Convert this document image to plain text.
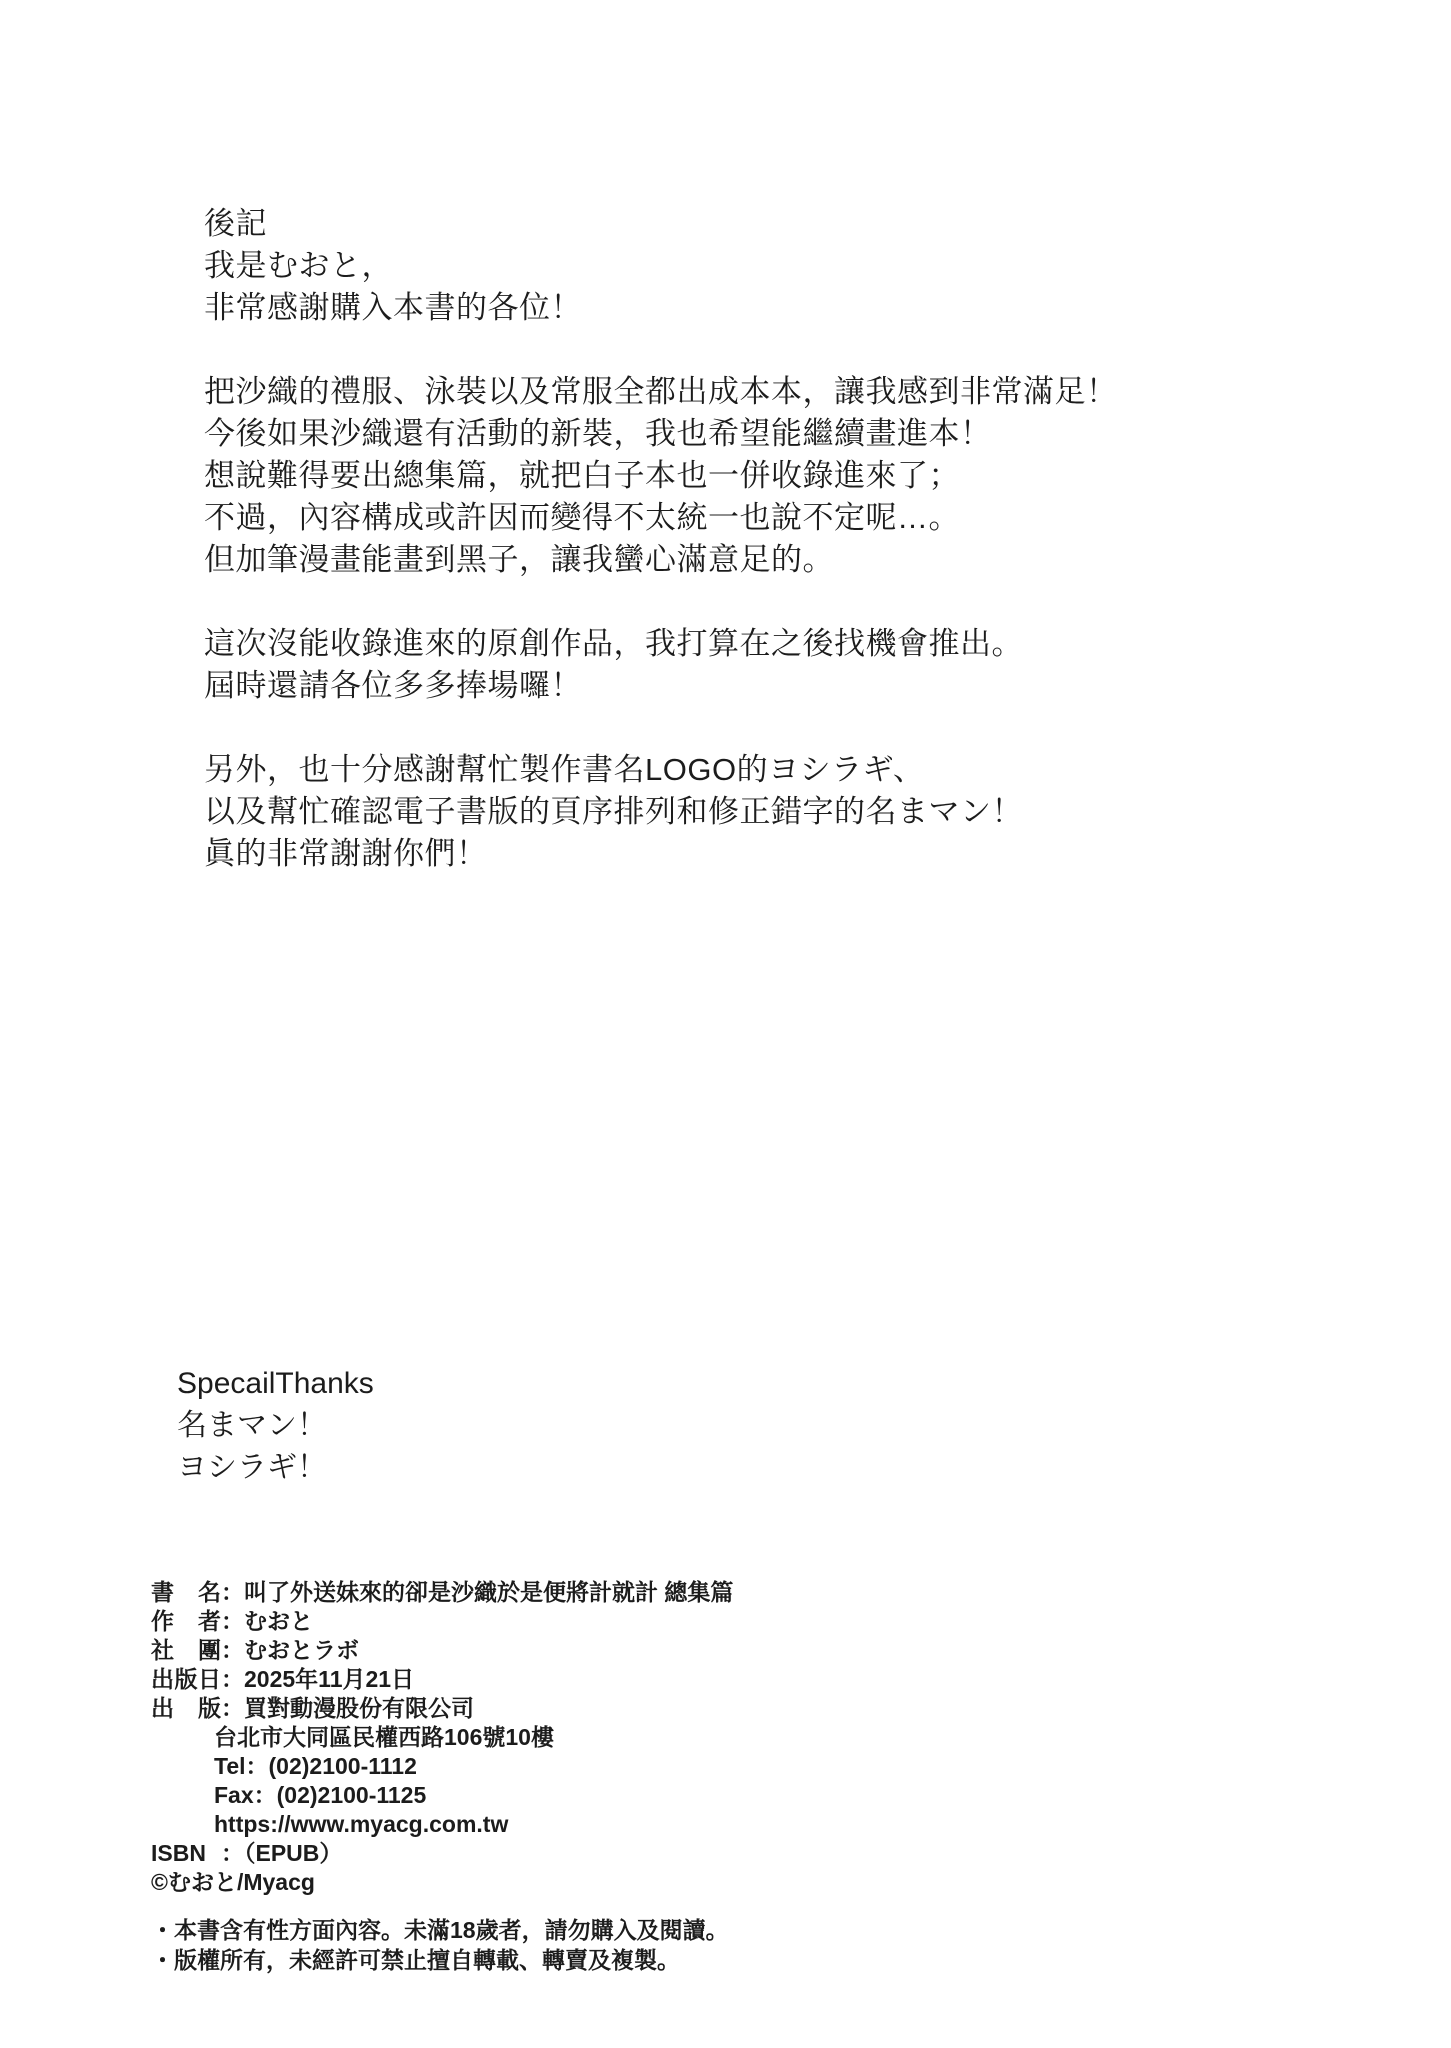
後記
我是むおと，
非常感謝購入本書的各位！
把沙織的禮服、泳裝以及常服全都出成本本，讓我感到非常滿足！
今後如果沙織還有活動的新裝，我也希望能繼續畫進本！
想說難得要出總集篇，就把白子本也一併收錄進來了；
不過，內容構成或許因而變得不太統一也說不定呢…。
但加筆漫畫能畫到黑子，讓我蠻心滿意足的。
這次沒能收錄進來的原創作品，我打算在之後找機會推出。
屆時還請各位多多捧場囉！
另外，也十分感謝幫忙製作書名LOGO的ヨシラギ、
以及幫忙確認電子書版的頁序排列和修正錯字的名まマン！
眞的非常謝謝你們！
SpecailThanks
名まマン！
ヨシラギ！
書名：叫了外送妹來的卻是沙織於是便將計就計 總集篇
作者：むおと
社團：むおとラボ
出版日：2025年11月21日
出版：買對動漫股份有限公司
台北市大同區民權西路106號10樓
Tel：(02)2100-1112
Fax：(02)2100-1125
https://www.myacg.com.tw
ISBN ：（EPUB）
©むおと/Myacg
・本書含有性方面內容。未滿18歲者，請勿購入及閱讀。
・版權所有，未經許可禁止擅自轉載、轉賣及複製。
